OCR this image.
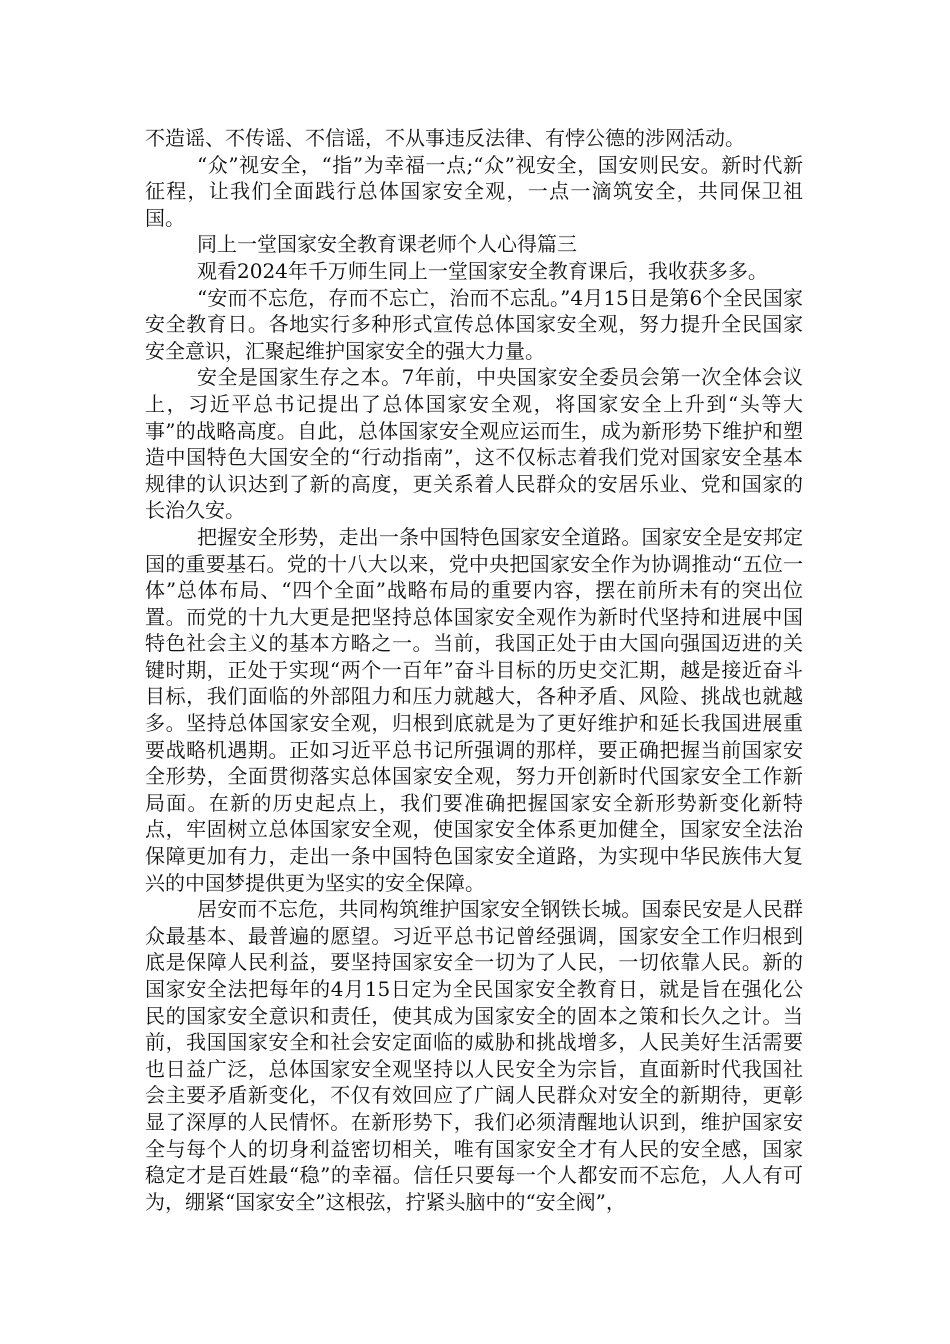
不造谣、不传谣、不信谣，不从事违反法律、有悖公德的涉网活动。

“众”视安全，“指”为幸福一点;“众”视安全，国安则民安。新时代新征程，让我们全面践行总体国家安全观，一点一滴筑安全，共同保卫祖国。

同上一堂国家安全教育课老师个人心得篇三

观看2024年千万师生同上一堂国家安全教育课后，我收获多多。

“安而不忘危，存而不忘亡，治而不忘乱。”4月15日是第6个全民国家安全教育日。各地实行多种形式宣传总体国家安全观，努力提升全民国家安全意识，汇聚起维护国家安全的强大力量。

安全是国家生存之本。7年前，中央国家安全委员会第一次全体会议上，习近平总书记提出了总体国家安全观，将国家安全上升到“头等大事”的战略高度。自此，总体国家安全观应运而生，成为新形势下维护和塑造中国特色大国安全的“行动指南”，这不仅标志着我们党对国家安全基本规律的认识达到了新的高度，更关系着人民群众的安居乐业、党和国家的长治久安。

把握安全形势，走出一条中国特色国家安全道路。国家安全是安邦定国的重要基石。党的十八大以来，党中央把国家安全作为协调推动“五位一体”总体布局、“四个全面”战略布局的重要内容，摆在前所未有的突出位置。而党的十九大更是把坚持总体国家安全观作为新时代坚持和进展中国特色社会主义的基本方略之一。当前，我国正处于由大国向强国迈进的关键时期，正处于实现“两个一百年”奋斗目标的历史交汇期，越是接近奋斗目标，我们面临的外部阻力和压力就越大，各种矛盾、风险、挑战也就越多。坚持总体国家安全观，归根到底就是为了更好维护和延长我国进展重要战略机遇期。正如习近平总书记所强调的那样，要正确把握当前国家安全形势，全面贯彻落实总体国家安全观，努力开创新时代国家安全工作新局面。在新的历史起点上，我们要准确把握国家安全新形势新变化新特点，牢固树立总体国家安全观，使国家安全体系更加健全，国家安全法治保障更加有力，走出一条中国特色国家安全道路，为实现中华民族伟大复兴的中国梦提供更为坚实的安全保障。

居安而不忘危，共同构筑维护国家安全钢铁长城。国泰民安是人民群众最基本、最普遍的愿望。习近平总书记曾经强调，国家安全工作归根到底是保障人民利益，要坚持国家安全一切为了人民，一切依靠人民。新的国家安全法把每年的4月15日定为全民国家安全教育日，就是旨在强化公民的国家安全意识和责任，使其成为国家安全的固本之策和长久之计。当前，我国国家安全和社会安定面临的威胁和挑战增多，人民美好生活需要也日益广泛，总体国家安全观坚持以人民安全为宗旨，直面新时代我国社会主要矛盾新变化，不仅有效回应了广阔人民群众对安全的新期待，更彰显了深厚的人民情怀。在新形势下，我们必须清醒地认识到，维护国家安全与每个人的切身利益密切相关，唯有国家安全才有人民的安全感，国家稳定才是百姓最“稳”的幸福。信任只要每一个人都安而不忘危，人人有可为，绷紧“国家安全”这根弦，拧紧头脑中的“安全阀”，
